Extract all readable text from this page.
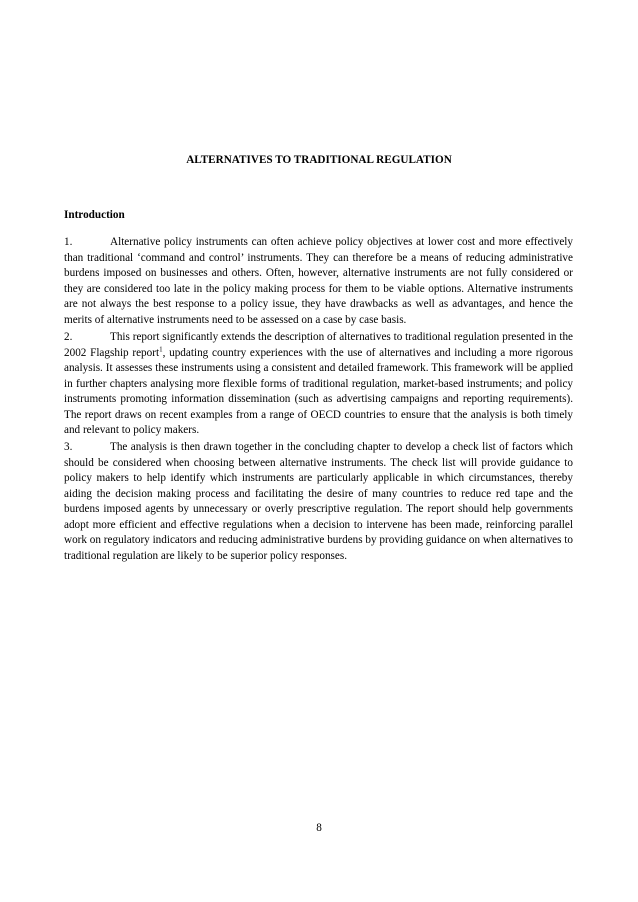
ALTERNATIVES TO TRADITIONAL REGULATION
Introduction

1.	Alternative policy instruments can often achieve policy objectives at lower cost and more effectively than traditional ‘command and control’ instruments. They can therefore be a means of reducing administrative burdens imposed on businesses and others. Often, however, alternative instruments are not fully considered or they are considered too late in the policy making process for them to be viable options. Alternative instruments are not always the best response to a policy issue, they have drawbacks as well as advantages, and hence the merits of alternative instruments need to be assessed on a case by case basis.

2.	This report significantly extends the description of alternatives to traditional regulation presented in the 2002 Flagship report$^1$, updating country experiences with the use of alternatives and including a more rigorous analysis. It assesses these instruments using a consistent and detailed framework. This framework will be applied in further chapters analysing more flexible forms of traditional regulation, market-based instruments; and policy instruments promoting information dissemination (such as advertising campaigns and reporting requirements). The report draws on recent examples from a range of OECD countries to ensure that the analysis is both timely and relevant to policy makers.

3.	The analysis is then drawn together in the concluding chapter to develop a check list of factors which should be considered when choosing between alternative instruments. The check list will provide guidance to policy makers to help identify which instruments are particularly applicable in which circumstances, thereby aiding the decision making process and facilitating the desire of many countries to reduce red tape and the burdens imposed agents by unnecessary or overly prescriptive regulation. The report should help governments adopt more efficient and effective regulations when a decision to intervene has been made, reinforcing parallel work on regulatory indicators and reducing administrative burdens by providing guidance on when alternatives to traditional regulation are likely to be superior policy responses.

8
